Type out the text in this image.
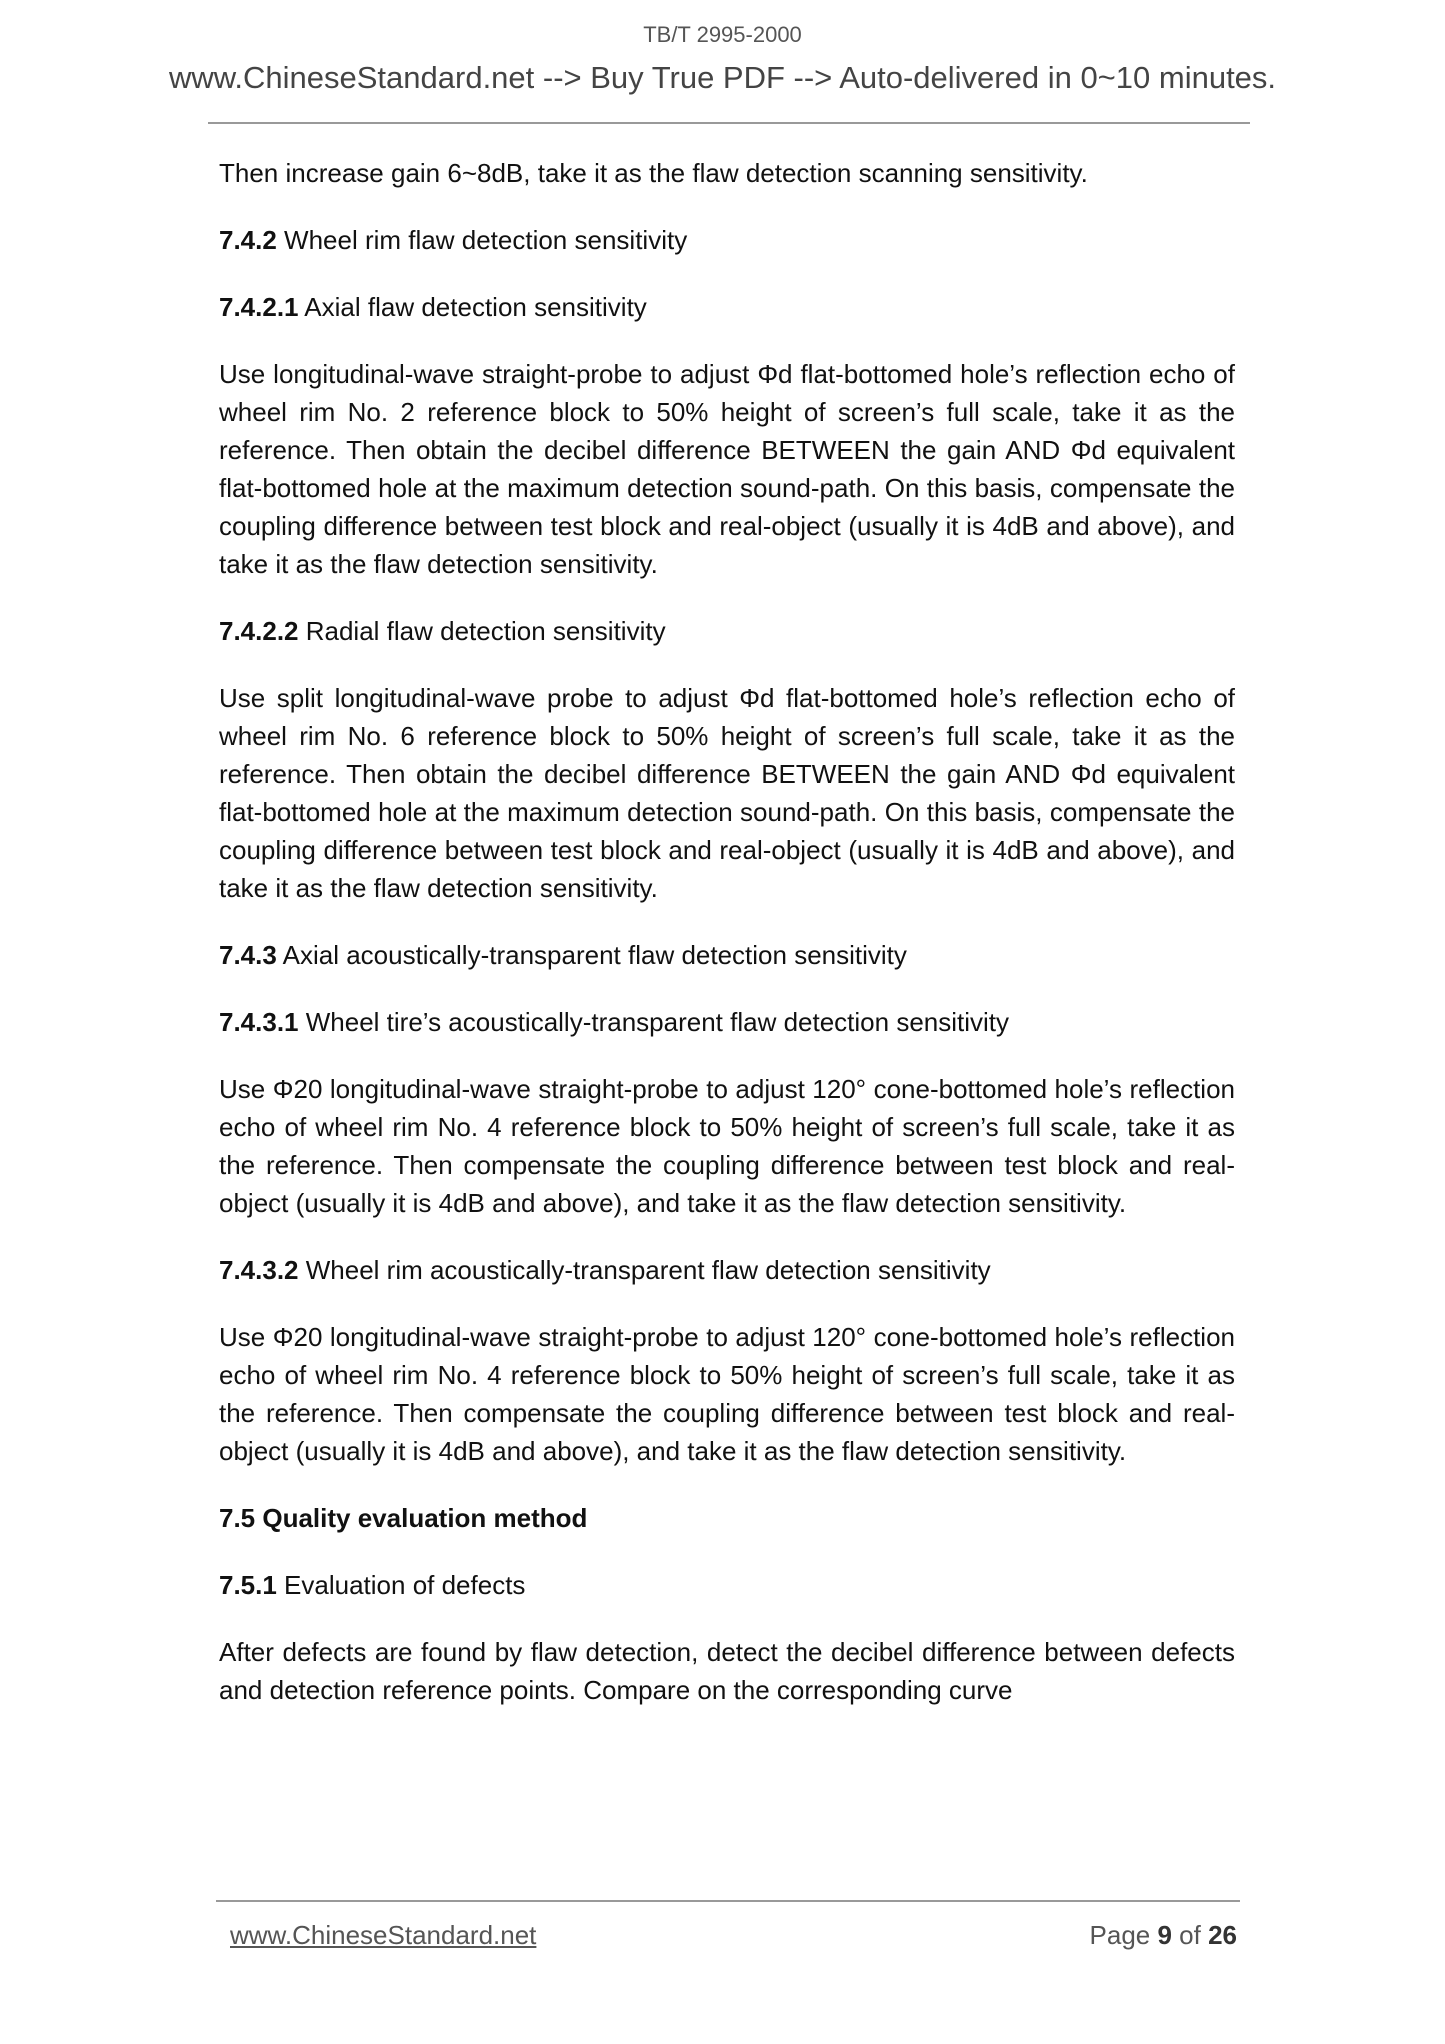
TB/T 2995-2000
www.ChineseStandard.net --> Buy True PDF --> Auto-delivered in 0~10 minutes.

Then increase gain 6~8dB, take it as the flaw detection scanning sensitivity.

7.4.2 Wheel rim flaw detection sensitivity

7.4.2.1 Axial flaw detection sensitivity

Use longitudinal-wave straight-probe to adjust Φd flat-bottomed hole’s reflection echo of wheel rim No. 2 reference block to 50% height of screen’s full scale, take it as the reference. Then obtain the decibel difference BETWEEN the gain AND Φd equivalent flat-bottomed hole at the maximum detection sound-path. On this basis, compensate the coupling difference between test block and real-object (usually it is 4dB and above), and take it as the flaw detection sensitivity.

7.4.2.2 Radial flaw detection sensitivity

Use split longitudinal-wave probe to adjust Φd flat-bottomed hole’s reflection echo of wheel rim No. 6 reference block to 50% height of screen’s full scale, take it as the reference. Then obtain the decibel difference BETWEEN the gain AND Φd equivalent flat-bottomed hole at the maximum detection sound-path. On this basis, compensate the coupling difference between test block and real-object (usually it is 4dB and above), and take it as the flaw detection sensitivity.

7.4.3 Axial acoustically-transparent flaw detection sensitivity

7.4.3.1 Wheel tire’s acoustically-transparent flaw detection sensitivity

Use Φ20 longitudinal-wave straight-probe to adjust 120° cone-bottomed hole’s reflection echo of wheel rim No. 4 reference block to 50% height of screen’s full scale, take it as the reference. Then compensate the coupling difference between test block and real-object (usually it is 4dB and above), and take it as the flaw detection sensitivity.

7.4.3.2 Wheel rim acoustically-transparent flaw detection sensitivity

Use Φ20 longitudinal-wave straight-probe to adjust 120° cone-bottomed hole’s reflection echo of wheel rim No. 4 reference block to 50% height of screen’s full scale, take it as the reference. Then compensate the coupling difference between test block and real-object (usually it is 4dB and above), and take it as the flaw detection sensitivity.

7.5 Quality evaluation method

7.5.1 Evaluation of defects

After defects are found by flaw detection, detect the decibel difference between defects and detection reference points. Compare on the corresponding curve

www.ChineseStandard.net	Page 9 of 26
